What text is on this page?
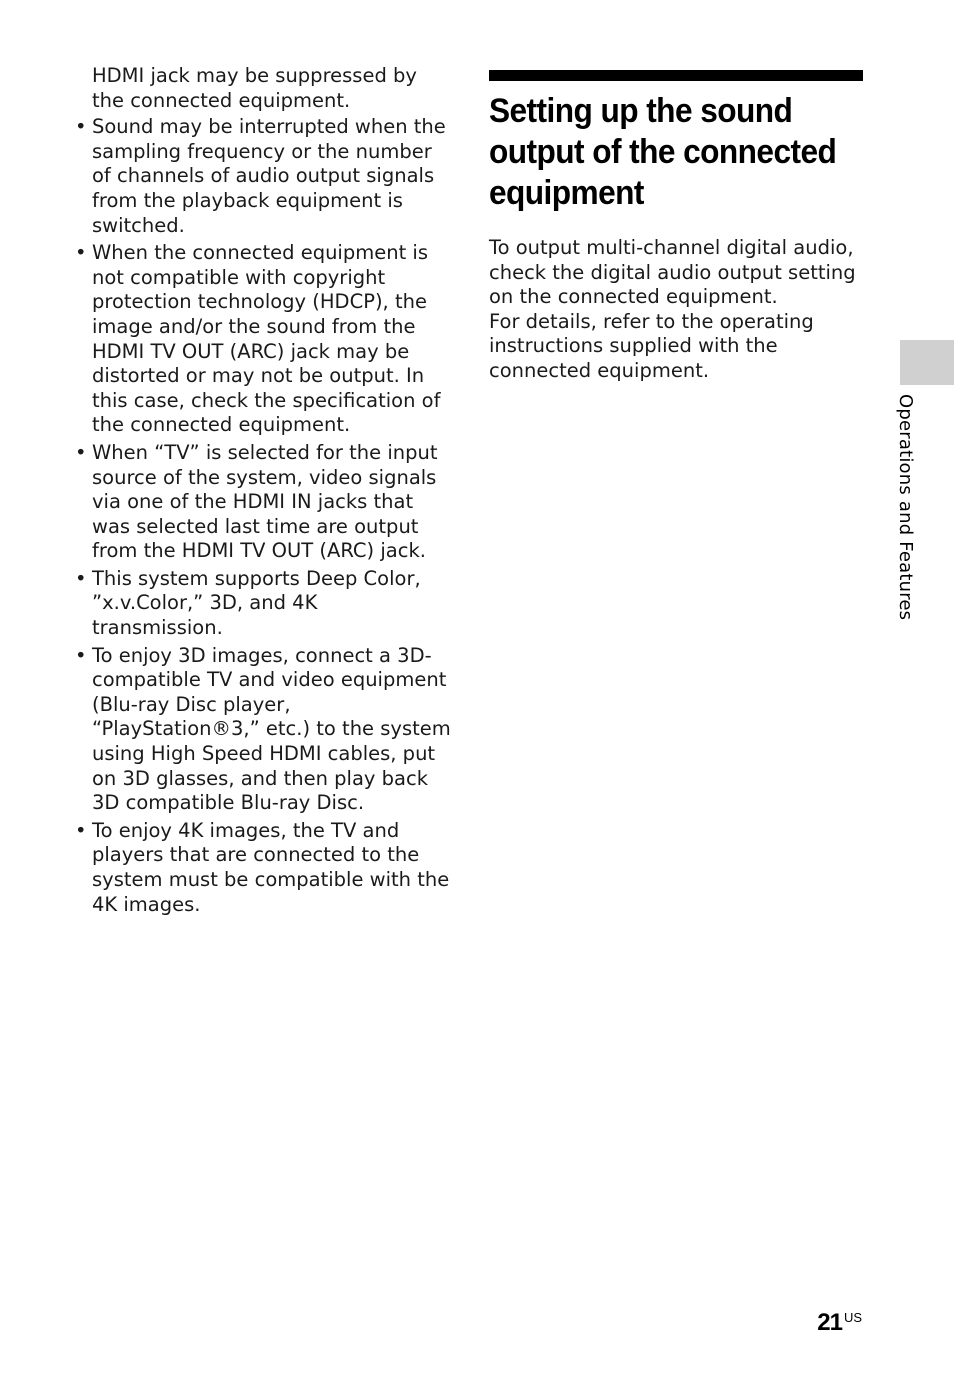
HDMI jack may be suppressed by the connected equipment.
• Sound may be interrupted when the sampling frequency or the number of channels of audio output signals from the playback equipment is switched.
• When the connected equipment is not compatible with copyright protection technology (HDCP), the image and/or the sound from the HDMI TV OUT (ARC) jack may be distorted or may not be output. In this case, check the specification of the connected equipment.
• When “TV” is selected for the input source of the system, video signals via one of the HDMI IN jacks that was selected last time are output from the HDMI TV OUT (ARC) jack.
• This system supports Deep Color, ”x.v.Color,” 3D, and 4K transmission.
• To enjoy 3D images, connect a 3D-compatible TV and video equipment (Blu-ray Disc player, “PlayStation®3,” etc.) to the system using High Speed HDMI cables, put on 3D glasses, and then play back 3D compatible Blu-ray Disc.
• To enjoy 4K images, the TV and players that are connected to the system must be compatible with the 4K images.
Setting up the sound output of the connected equipment

To output multi-channel digital audio, check the digital audio output setting on the connected equipment.

For details, refer to the operating instructions supplied with the connected equipment.

Operations and Features
21 $^{US}$
